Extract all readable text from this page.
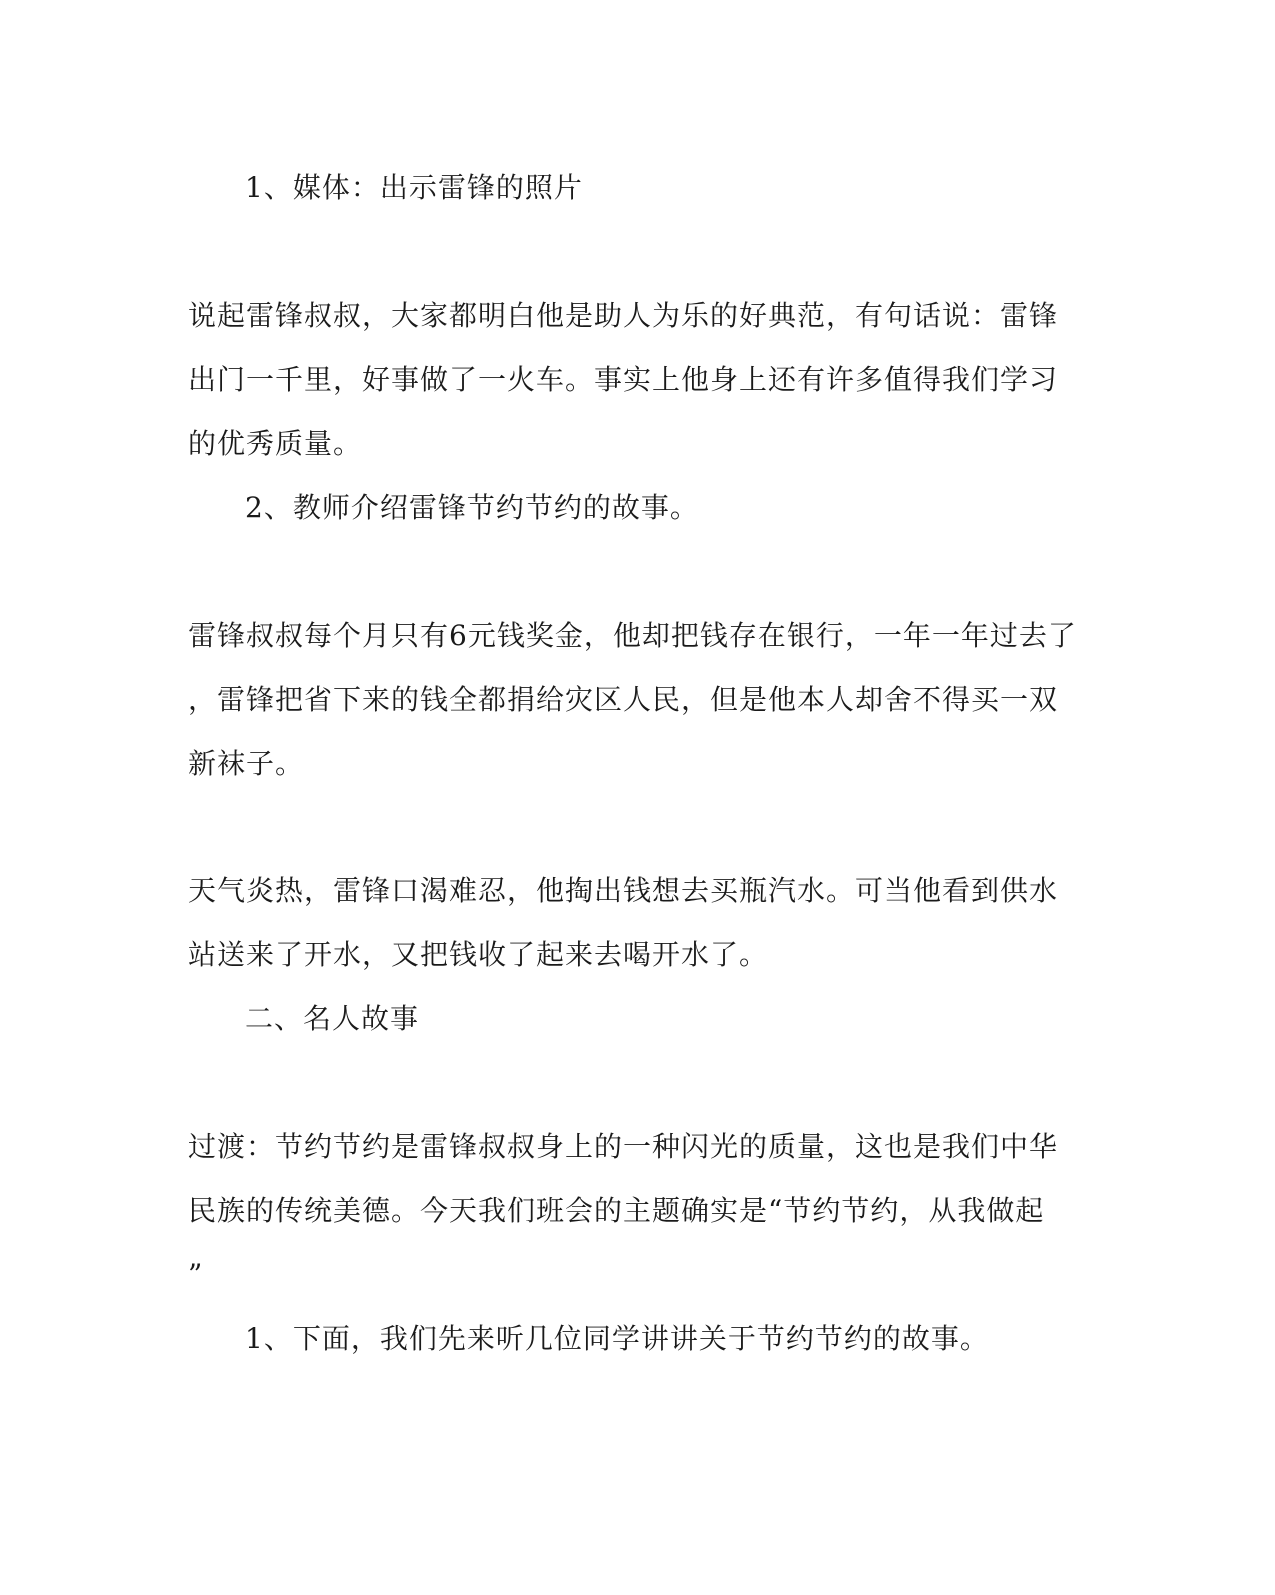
1、媒体：出示雷锋的照片
说起雷锋叔叔，大家都明白他是助人为乐的好典范，有句话说：雷锋
出门一千里，好事做了一火车。事实上他身上还有许多值得我们学习
的优秀质量。
2、教师介绍雷锋节约节约的故事。
雷锋叔叔每个月只有6元钱奖金，他却把钱存在银行，一年一年过去了
，雷锋把省下来的钱全都捐给灾区人民，但是他本人却舍不得买一双
新袜子。
天气炎热，雷锋口渴难忍，他掏出钱想去买瓶汽水。可当他看到供水
站送来了开水，又把钱收了起来去喝开水了。
二、名人故事
过渡：节约节约是雷锋叔叔身上的一种闪光的质量，这也是我们中华
民族的传统美德。今天我们班会的主题确实是“节约节约，从我做起
”
1、下面，我们先来听几位同学讲讲关于节约节约的故事。
